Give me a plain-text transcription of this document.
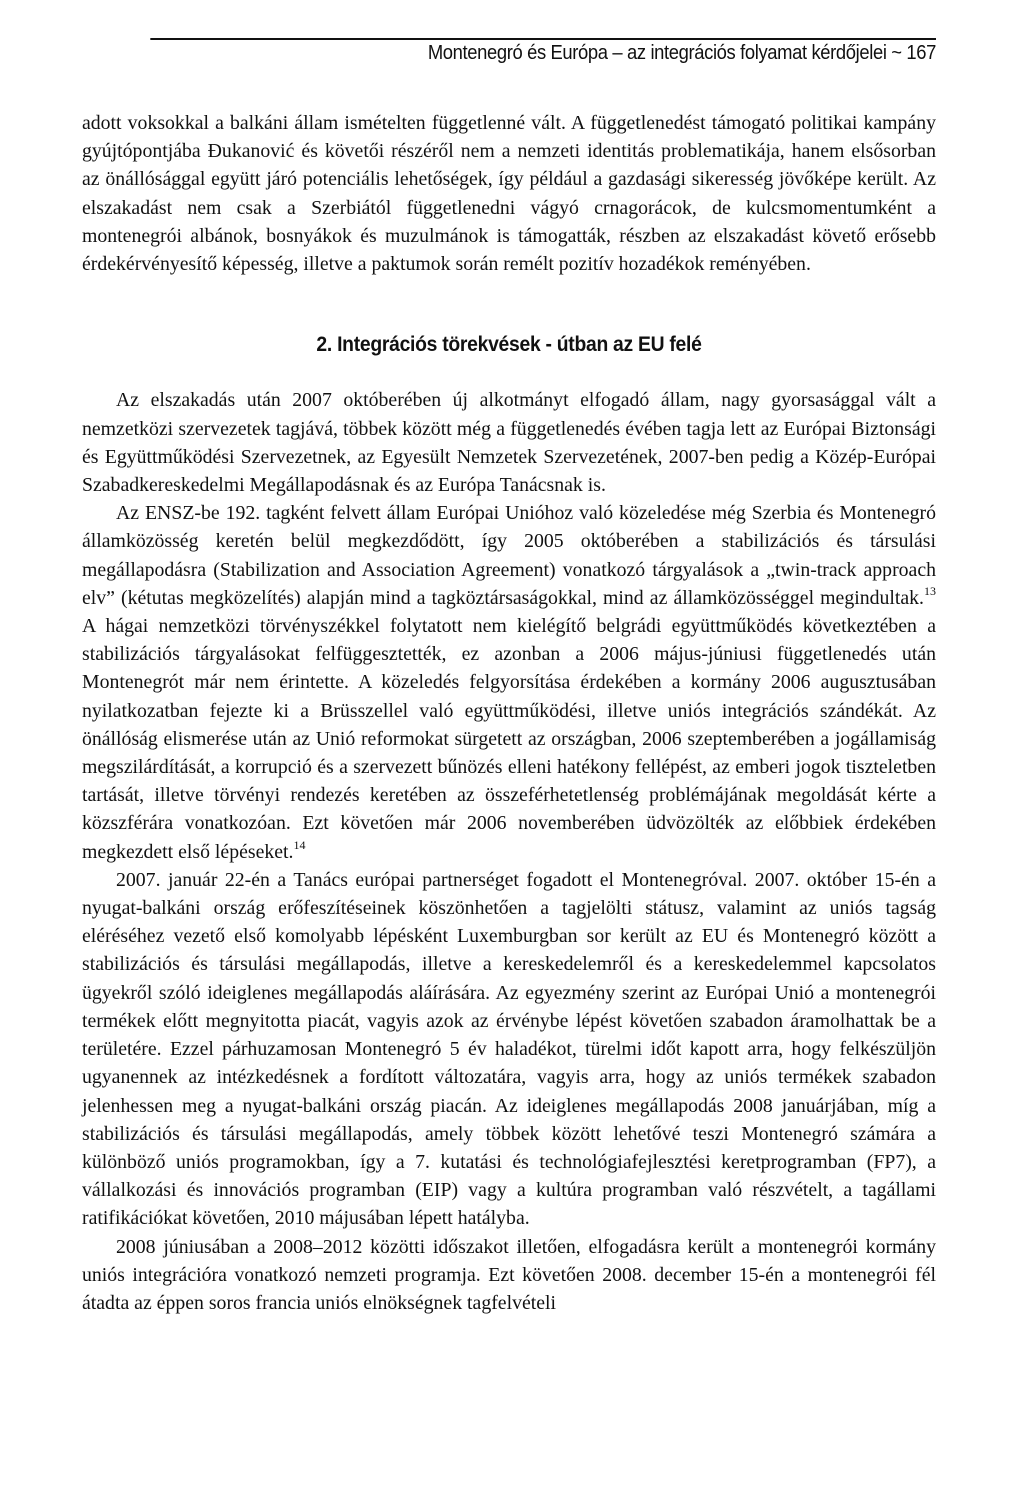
Montenegró és Európa – az integrációs folyamat kérdőjelei ~ 167

adott voksokkal a balkáni állam ismételten függetlenné vált. A függetlenedést támogató politikai kampány gyújtópontjába Đukanović és követői részéről nem a nemzeti identitás problematikája, hanem elsősorban az önállósággal együtt járó potenciális lehetőségek, így például a gazdasági sikeresség jövőképe került. Az elszakadást nem csak a Szerbiától függetlenedni vágyó crnagorácok, de kulcsmomentumként a montenegrói albánok, bosnyákok és muzulmánok is támogatták, részben az elszakadást követő erősebb érdekérvényesítő képesség, illetve a paktumok során remélt pozitív hozadékok reményében.

2. Integrációs törekvések - útban az EU felé

Az elszakadás után 2007 októberében új alkotmányt elfogadó állam, nagy gyorsasággal vált a nemzetközi szervezetek tagjává, többek között még a függetlenedés évében tagja lett az Európai Biztonsági és Együttműködési Szervezetnek, az Egyesült Nemzetek Szervezetének, 2007-ben pedig a Közép-Európai Szabadkereskedelmi Megállapodásnak és az Európa Tanácsnak is.

Az ENSZ-be 192. tagként felvett állam Európai Unióhoz való közeledése még Szerbia és Montenegró államközösség keretén belül megkezdődött, így 2005 októberében a stabilizációs és társulási megállapodásra (Stabilization and Association Agreement) vonatkozó tárgyalások a „twin-track approach elv” (kétutas megközelítés) alapján mind a tagköztársaságokkal, mind az államközösséggel megindultak.$^{13}$ A hágai nemzetközi törvényszékkel folytatott nem kielégítő belgrádi együttműködés következtében a stabilizációs tárgyalásokat felfüggesztették, ez azonban a 2006 május-júniusi függetlenedés után Montenegrót már nem érintette. A közeledés felgyorsítása érdekében a kormány 2006 augusztusában nyilatkozatban fejezte ki a Brüsszellel való együttműködési, illetve uniós integrációs szándékát. Az önállóság elismerése után az Unió reformokat sürgetett az országban, 2006 szeptemberében a jogállamiság megszilárdítását, a korrupció és a szervezett bűnözés elleni hatékony fellépést, az emberi jogok tiszteletben tartását, illetve törvényi rendezés keretében az összeférhetetlenség problémájának megoldását kérte a közszférára vonatkozóan. Ezt követően már 2006 novemberében üdvözölték az előbbiek érdekében megkezdett első lépéseket.$^{14}$

2007. január 22-én a Tanács európai partnerséget fogadott el Montenegróval. 2007. október 15-én a nyugat-balkáni ország erőfeszítéseinek köszönhetően a tagjelölti státusz, valamint az uniós tagság eléréséhez vezető első komolyabb lépésként Luxemburgban sor került az EU és Montenegró között a stabilizációs és társulási megállapodás, illetve a kereskedelemről és a kereskedelemmel kapcsolatos ügyekről szóló ideiglenes megállapodás aláírására. Az egyezmény szerint az Európai Unió a montenegrói termékek előtt megnyitotta piacát, vagyis azok az érvénybe lépést követően szabadon áramolhattak be a területére. Ezzel párhuzamosan Montenegró 5 év haladékot, türelmi időt kapott arra, hogy felkészüljön ugyanennek az intézkedésnek a fordított változatára, vagyis arra, hogy az uniós termékek szabadon jelenhessen meg a nyugat-balkáni ország piacán. Az ideiglenes megállapodás 2008 januárjában, míg a stabilizációs és társulási megállapodás, amely többek között lehetővé teszi Montenegró számára a különböző uniós programokban, így a 7. kutatási és technológiafejlesztési keretprogramban (FP7), a vállalkozási és innovációs programban (EIP) vagy a kultúra programban való részvételt, a tagállami ratifikációkat követően, 2010 májusában lépett hatályba.

2008 júniusában a 2008–2012 közötti időszakot illetően, elfogadásra került a montenegrói kormány uniós integrációra vonatkozó nemzeti programja. Ezt követően 2008. december 15-én a montenegrói fél átadta az éppen soros francia uniós elnökségnek tagfelvételi
